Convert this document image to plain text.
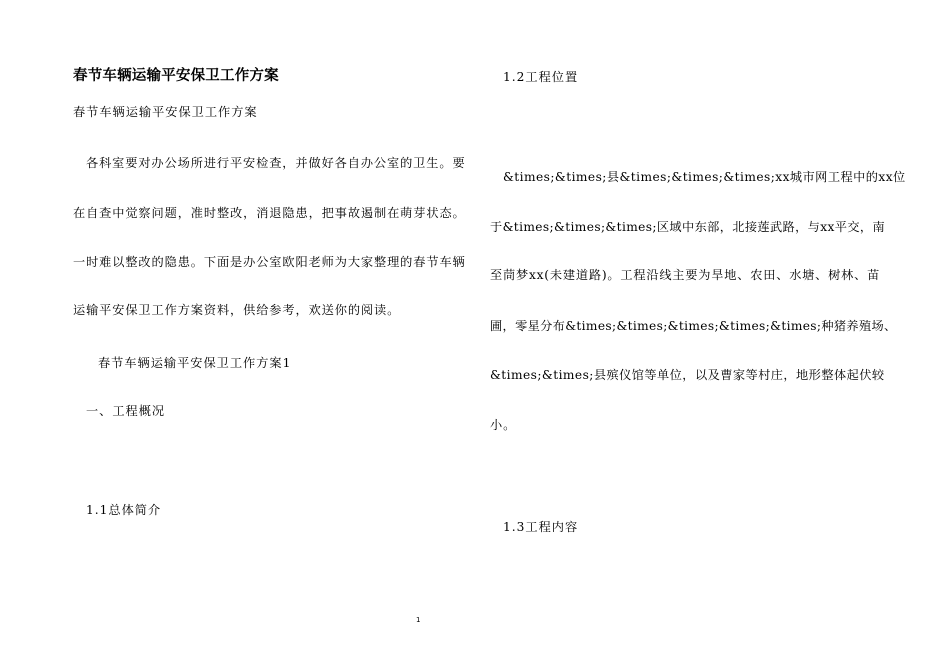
春节车辆运输平安保卫工作方案
春节车辆运输平安保卫工作方案
各科室要对办公场所进行平安检查，并做好各自办公室的卫生。要
在自查中觉察问题，准时整改，消退隐患，把事故遏制在萌芽状态。
一时难以整改的隐患。下面是办公室欧阳老师为大家整理的春节车辆
运输平安保卫工作方案资料，供给参考，欢送你的阅读。
春节车辆运输平安保卫工作方案1
一、工程概况
1.1总体简介
1.2工程位置
&times;&times;县&times;&times;&times;xx城市网工程中的xx位
于&times;&times;&times;区域中东部，北接莲武路，与xx平交，南
至茼梦xx(未建道路)。工程沿线主要为旱地、农田、水塘、树林、苗
圃，零星分布&times;&times;&times;&times;&times;种猪养殖场、
&times;&times;县殡仪馆等单位，以及曹家等村庄，地形整体起伏较
小。
1.3工程内容
1
